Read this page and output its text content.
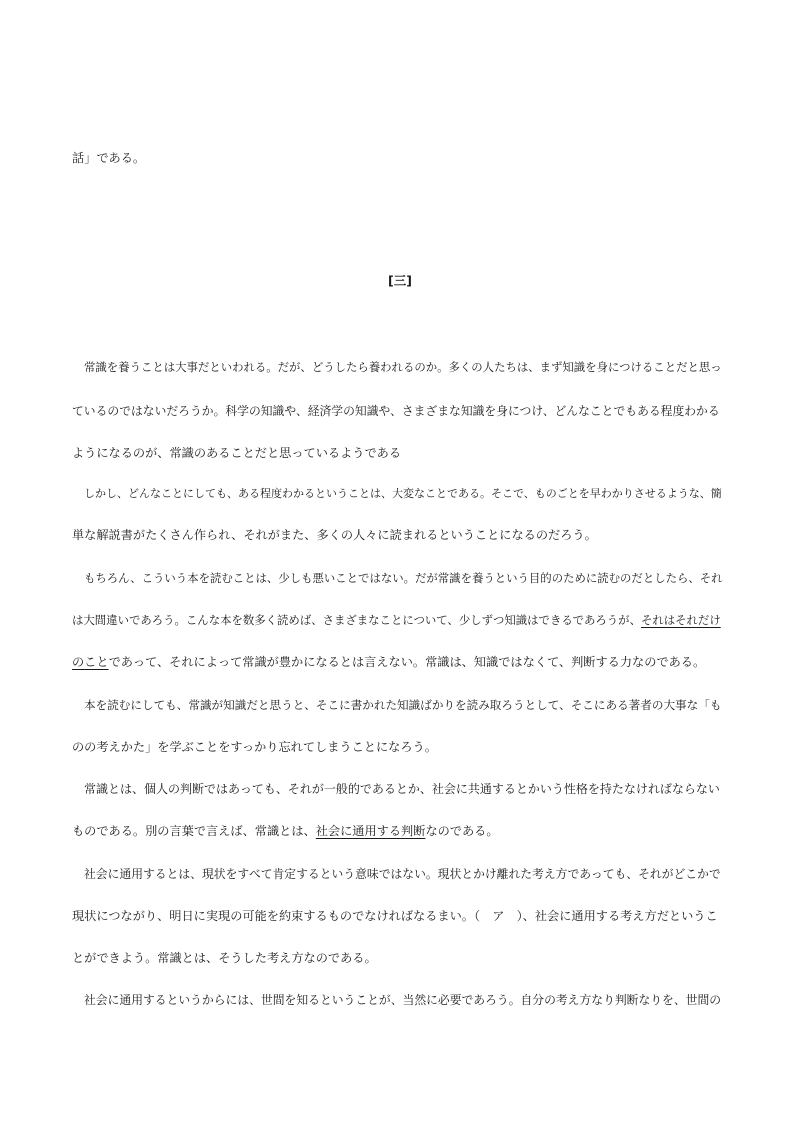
話」である。
[三]
常識を養うことは大事だといわれる。だが、どうしたら養われるのか。多くの人たちは、まず知識を身につけることだと思っ
ているのではないだろうか。科学の知識や、経済学の知識や、さまざまな知識を身につけ、どんなことでもある程度わかる
ようになるのが、常識のあることだと思っているようである
しかし、どんなことにしても、ある程度わかるということは、大変なことである。そこで、ものごとを早わかりさせるような、簡
単な解説書がたくさん作られ、それがまた、多くの人々に読まれるということになるのだろう。
もちろん、こういう本を読むことは、少しも悪いことではない。だが常識を養うという目的のために読むのだとしたら、それ
は大間違いであろう。こんな本を数多く読めば、さまざまなことについて、少しずつ知識はできるであろうが、それはそれだけ
のことであって、それによって常識が豊かになるとは言えない。常識は、知識ではなくて、判断する力なのである。
本を読むにしても、常識が知識だと思うと、そこに書かれた知識ばかりを読み取ろうとして、そこにある著者の大事な「も
のの考えかた」を学ぶことをすっかり忘れてしまうことになろう。
常識とは、個人の判断ではあっても、それが一般的であるとか、社会に共通するとかいう性格を持たなければならない
ものである。別の言葉で言えば、常識とは、社会に通用する判断なのである。
社会に通用するとは、現状をすべて肯定するという意味ではない。現状とかけ離れた考え方であっても、それがどこかで
現状につながり、明日に実現の可能を約束するものでなければなるまい。（　ア　）、社会に通用する考え方だというこ
とができよう。常識とは、そうした考え方なのである。
社会に通用するというからには、世間を知るということが、当然に必要であろう。自分の考え方なり判断なりを、世間の
